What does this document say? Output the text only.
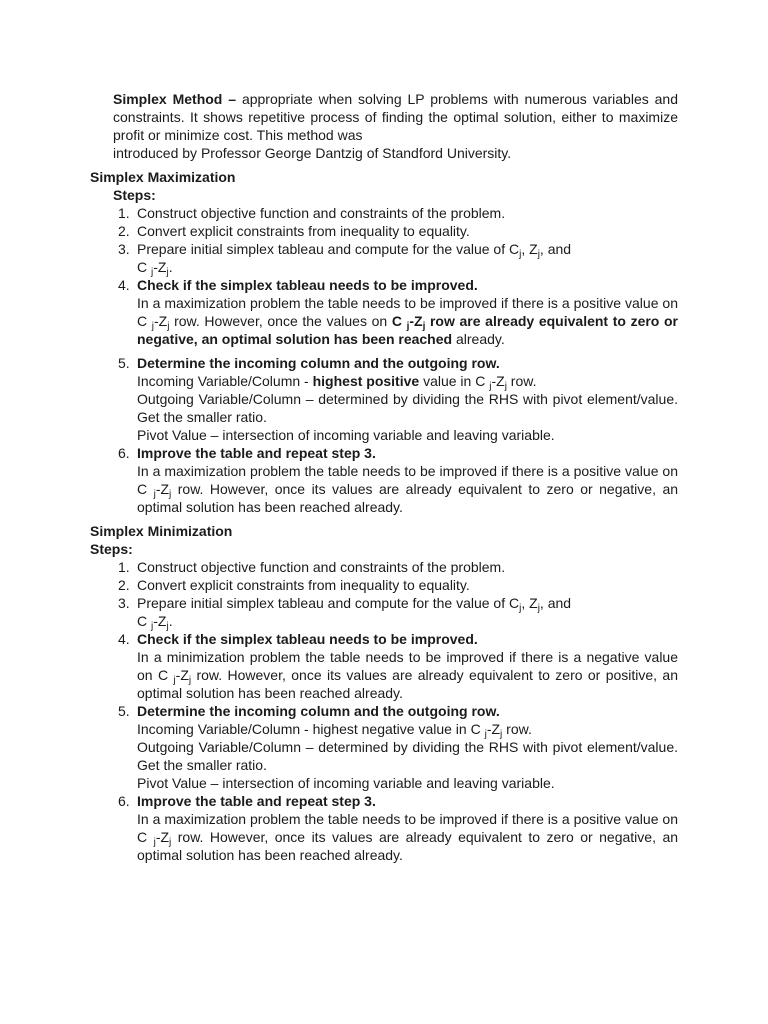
Simplex Method – appropriate when solving LP problems with numerous variables and constraints. It shows repetitive process of finding the optimal solution, either to maximize profit or minimize cost. This method was

introduced by Professor George Dantzig of Standford University.

Simplex Maximization

Steps:

1. Construct objective function and constraints of the problem.

2. Convert explicit constraints from inequality to equality.

3. Prepare initial simplex tableau and compute for the value of $C_j$, $Z_j$, and

C $_j-Z_j$.

4. Check if the simplex tableau needs to be improved.

In a maximization problem the table needs to be improved if there is a positive value on C $_j-Z_j$ row. However, once the values on C $_j-Z_j$ row are already equivalent to zero or negative, an optimal solution has been reached already.

5. Determine the incoming column and the outgoing row.

Incoming Variable/Column - highest positive value in C $_j-Z_j$ row.

Outgoing Variable/Column – determined by dividing the RHS with pivot element/value. Get the smaller ratio.

Pivot Value – intersection of incoming variable and leaving variable.

6. Improve the table and repeat step 3.

In a maximization problem the table needs to be improved if there is a positive value on C $_j-Z_j$ row. However, once its values are already equivalent to zero or negative, an optimal solution has been reached already.

Simplex Minimization

Steps:

1. Construct objective function and constraints of the problem.

2. Convert explicit constraints from inequality to equality.

3. Prepare initial simplex tableau and compute for the value of $C_j$, $Z_j$, and

C $_j-Z_j$.

4. Check if the simplex tableau needs to be improved.

In a minimization problem the table needs to be improved if there is a negative value on C $_j-Z_j$ row. However, once its values are already equivalent to zero or positive, an optimal solution has been reached already.

5. Determine the incoming column and the outgoing row.

Incoming Variable/Column - highest negative value in C $_j-Z_j$ row.

Outgoing Variable/Column – determined by dividing the RHS with pivot element/value. Get the smaller ratio.

Pivot Value – intersection of incoming variable and leaving variable.

6. Improve the table and repeat step 3.

In a maximization problem the table needs to be improved if there is a positive value on C $_j-Z_j$ row. However, once its values are already equivalent to zero or negative, an optimal solution has been reached already.
